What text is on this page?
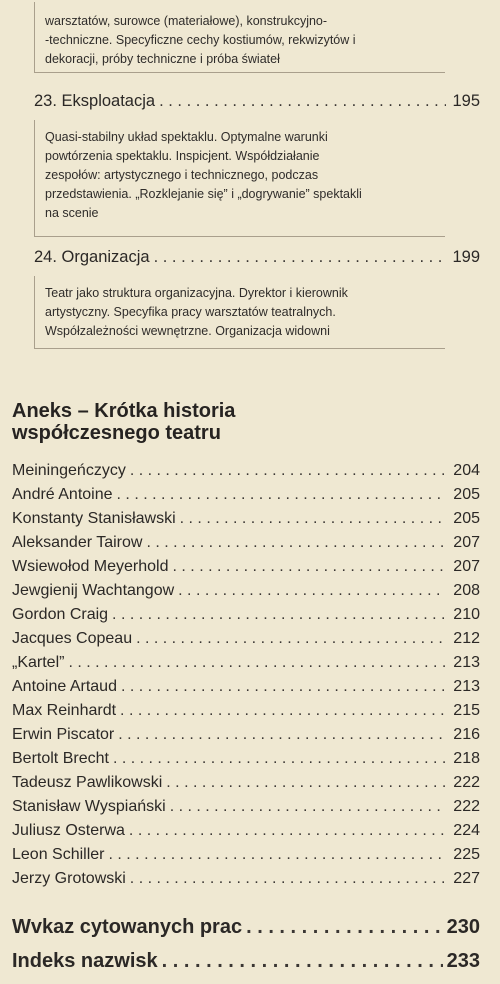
warsztatów, surowce (materiałowe), konstrukcyjno-

-techniczne. Specyficzne cechy kostiumów, rekwizytów i

dekoracji, próby techniczne i próba świateł

23. Eksploatacja . . .	195

Quasi-stabilny układ spektaklu. Optymalne warunki

powtórzenia spektaklu. Inspicjent. Współdziałanie

zespołów: artystycznego i technicznego, podczas

przedstawienia. „Rozklejanie się” i „dogrywanie” spektakli

na scenie

24. Organizacja . . .	199

Teatr jako struktura organizacyjna. Dyrektor i kierownik

artystyczny. Specyfika pracy warsztatów teatralnych.

Współzależności wewnętrzne. Organizacja widowni

Aneks – Krótka historia
współczesnego teatru
Meiningeńczycy . . .	204
André Antoine . . .	205
Konstanty Stanisławski . . .	205
Aleksander Tairow . . .	207
Wsiewołod Meyerhold . . .	207
Jewgienij Wachtangow . . .	208
Gordon Craig . . .	210
Jacques Copeau . . .	212
„Kartel” . . .	213
Antoine Artaud . . .	213
Max Reinhardt . . .	215
Erwin Piscator . . .	216
Bertolt Brecht . . .	218
Tadeusz Pawlikowski . . .	222
Stanisław Wyspiański . . .	222
Juliusz Osterwa . . .	224
Leon Schiller . . .	225
Jerzy Grotowski . . .	227
Wvkaz cytowanych prac . . .	230
Indeks nazwisk . . .	233
